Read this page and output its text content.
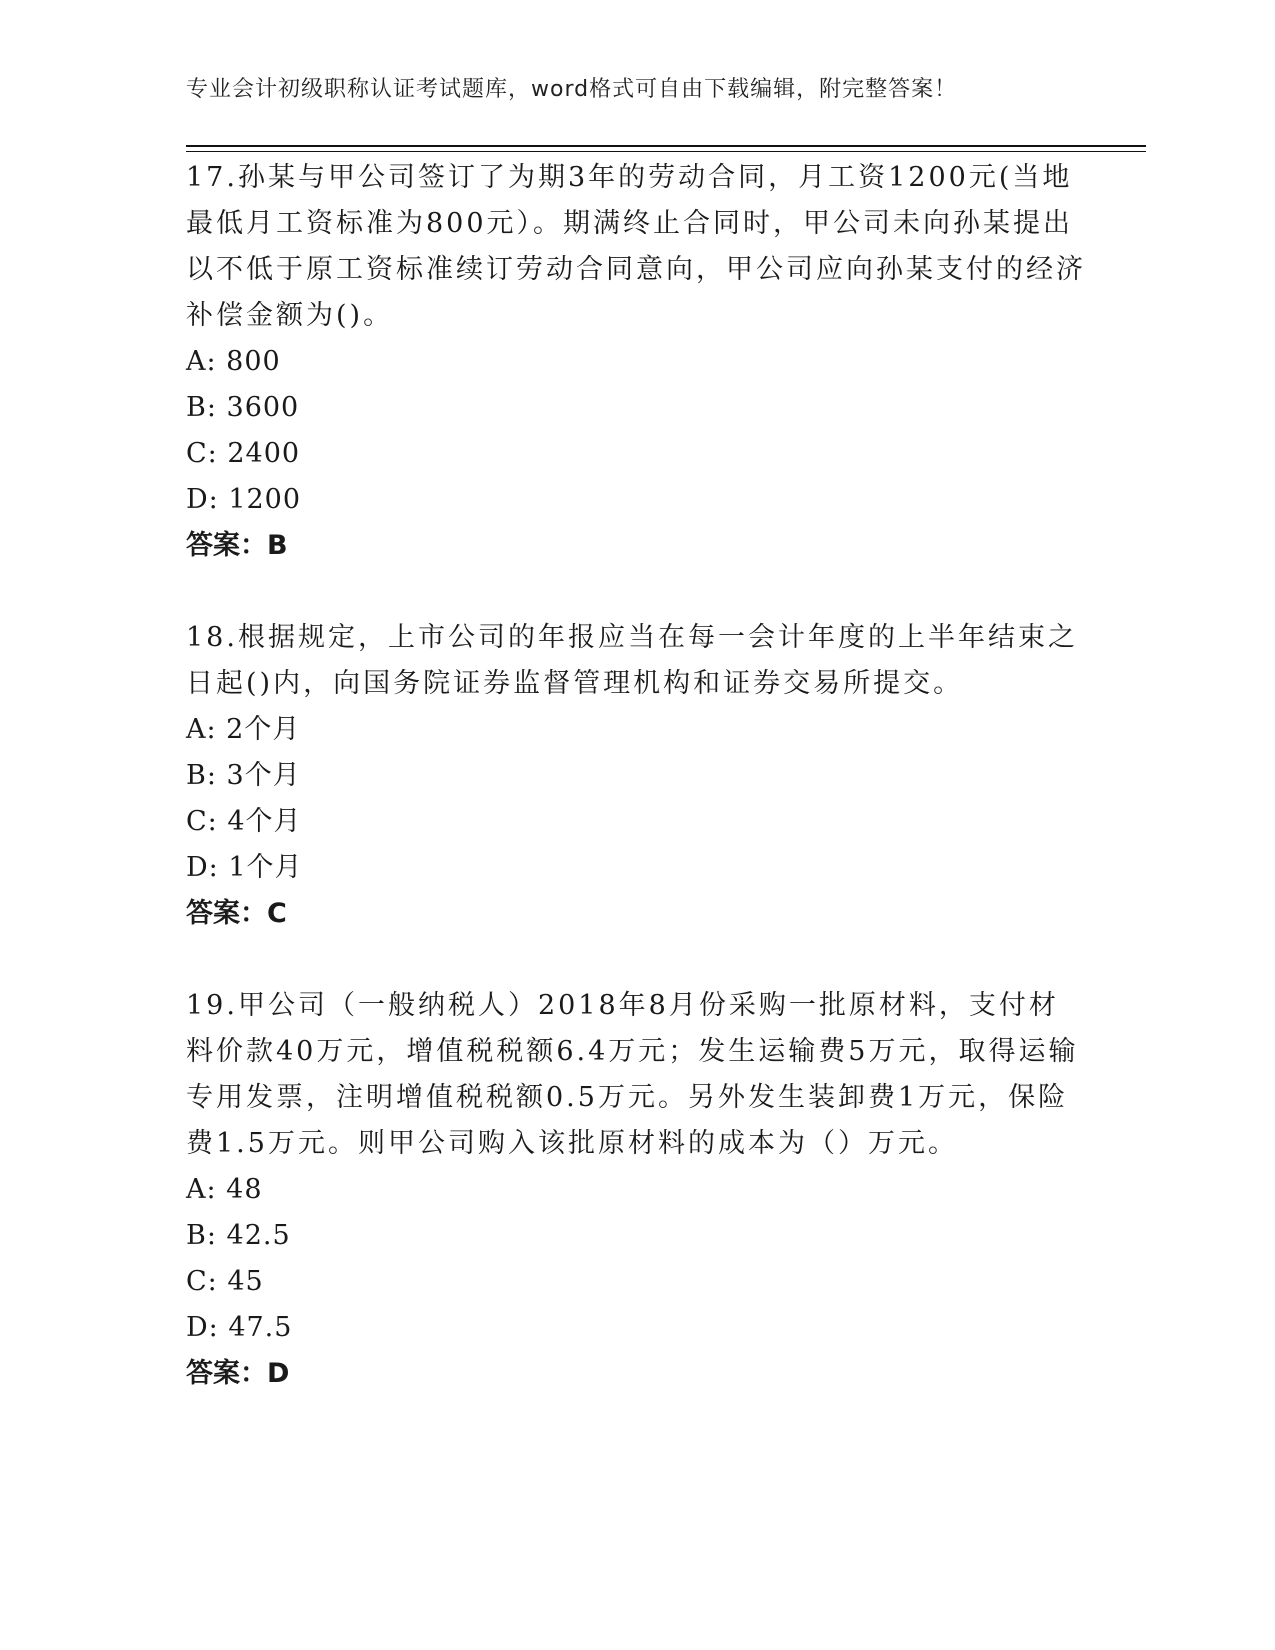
专业会计初级职称认证考试题库，word格式可自由下载编辑，附完整答案！

17.孙某与甲公司签订了为期3年的劳动合同，月工资1200元(当地最低月工资标准为800元）。期满终止合同时，甲公司未向孙某提出以不低于原工资标准续订劳动合同意向，甲公司应向孙某支付的经济补偿金额为()。

A: 800

B: 3600

C: 2400

D: 1200

答案：B

18.根据规定，上市公司的年报应当在每一会计年度的上半年结束之日起()内，向国务院证券监督管理机构和证券交易所提交。

A: 2个月

B: 3个月

C: 4个月

D: 1个月

答案：C

19.甲公司（一般纳税人）2018年8月份采购一批原材料，支付材料价款40万元，增值税税额6.4万元；发生运输费5万元，取得运输专用发票，注明增值税税额0.5万元。另外发生装卸费1万元，保险费1.5万元。则甲公司购入该批原材料的成本为（）万元。

A: 48

B: 42.5

C: 45

D: 47.5

答案：D
